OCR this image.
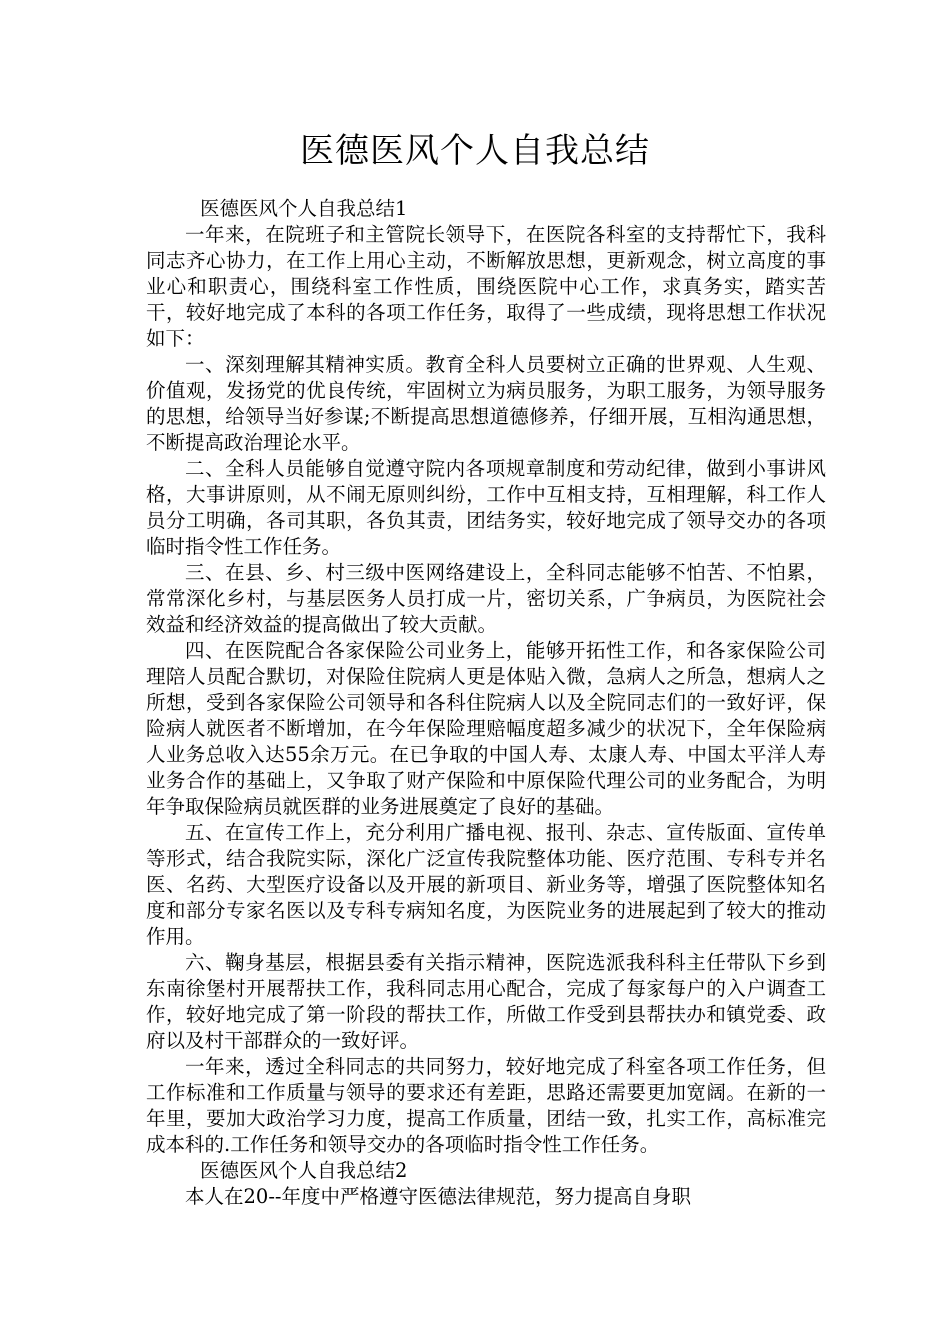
医德医风个人自我总结

医德医风个人自我总结1

一年来，在院班子和主管院长领导下，在医院各科室的支持帮忙下，我科同志齐心协力，在工作上用心主动，不断解放思想，更新观念，树立高度的事业心和职责心，围绕科室工作性质，围绕医院中心工作，求真务实，踏实苦干，较好地完成了本科的各项工作任务，取得了一些成绩，现将思想工作状况如下：

一、深刻理解其精神实质。教育全科人员要树立正确的世界观、人生观、价值观，发扬党的优良传统，牢固树立为病员服务，为职工服务，为领导服务的思想，给领导当好参谋;不断提高思想道德修养，仔细开展，互相沟通思想，不断提高政治理论水平。

二、全科人员能够自觉遵守院内各项规章制度和劳动纪律，做到小事讲风格，大事讲原则，从不闹无原则纠纷，工作中互相支持，互相理解，科工作人员分工明确，各司其职，各负其责，团结务实，较好地完成了领导交办的各项临时指令性工作任务。

三、在县、乡、村三级中医网络建设上，全科同志能够不怕苦、不怕累，常常深化乡村，与基层医务人员打成一片，密切关系，广争病员，为医院社会效益和经济效益的提高做出了较大贡献。

四、在医院配合各家保险公司业务上，能够开拓性工作，和各家保险公司理陪人员配合默切，对保险住院病人更是体贴入微，急病人之所急，想病人之所想，受到各家保险公司领导和各科住院病人以及全院同志们的一致好评，保险病人就医者不断增加，在今年保险理赔幅度超多减少的状况下，全年保险病人业务总收入达55余万元。在已争取的中国人寿、太康人寿、中国太平洋人寿业务合作的基础上，又争取了财产保险和中原保险代理公司的业务配合，为明年争取保险病员就医群的业务进展奠定了良好的基础。

五、在宣传工作上，充分利用广播电视、报刊、杂志、宣传版面、宣传单等形式，结合我院实际，深化广泛宣传我院整体功能、医疗范围、专科专并名医、名药、大型医疗设备以及开展的新项目、新业务等，增强了医院整体知名度和部分专家名医以及专科专病知名度，为医院业务的进展起到了较大的推动作用。

六、鞠身基层，根据县委有关指示精神，医院选派我科科主任带队下乡到东南徐堡村开展帮扶工作，我科同志用心配合，完成了每家每户的入户调查工作，较好地完成了第一阶段的帮扶工作，所做工作受到县帮扶办和镇党委、政府以及村干部群众的一致好评。

一年来，透过全科同志的共同努力，较好地完成了科室各项工作任务，但工作标准和工作质量与领导的要求还有差距，思路还需要更加宽阔。在新的一年里，要加大政治学习力度，提高工作质量，团结一致，扎实工作，高标准完成本科的.工作任务和领导交办的各项临时指令性工作任务。

医德医风个人自我总结2

本人在20--年度中严格遵守医德法律规范，努力提高自身职
